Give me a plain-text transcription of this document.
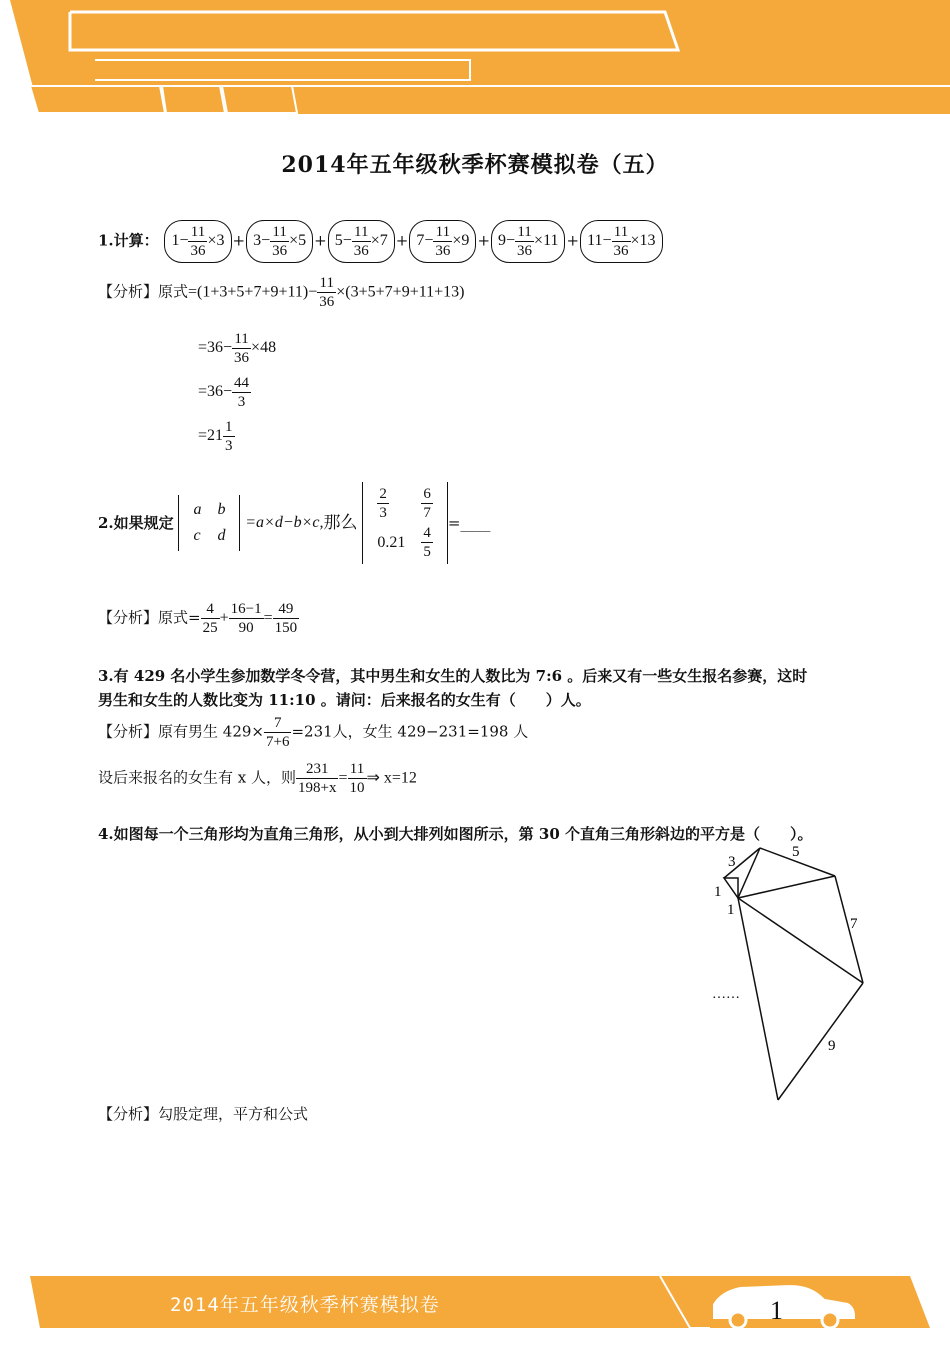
2014年五年级秋季杯赛模拟卷（五）
1.计算： $1- \frac{11}{36} \times 3 + 3- \frac{11}{36} \times 5 + 5- \frac{11}{36} \times 7 + 7- \frac{11}{36} \times 9 + 9- \frac{11}{36} \times 11 + 11- \frac{11}{36} \times 13$
【分析】原式$=(1+3+5+7+9+11)- \frac{11}{36} \times(3+5+7+9+11+13)$
$=36- \frac{11}{36} \times 48$
$=36- \frac{44}{3}$
$=21 \frac{1}{3}$
2.如果规定
a	b
c	d
=a×d−b×c,那么
$\frac{2}{3}$	$\frac{6}{7}$

0.21	$\frac{4}{5}$
=____
【分析】原式= $\frac{4}{25} + \frac{16-1}{90} = \frac{49}{150}$
3.有 429 名小学生参加数学冬令营，其中男生和女生的人数比为 7:6 。后来又有一些女生报名参赛，这时
男生和女生的人数比变为 11:10 。请问：后来报名的女生有（　　）人。
【分析】原有男生 $429\times \frac{7}{7+6} =231$人，女生 429−231=198 人
设后来报名的女生有 x 人，则 $\frac{231}{198+x} = \frac{11}{10}$ ⇒ x=12
4.如图每一个三角形均为直角三角形，从小到大排列如图所示，第 30 个直角三角形斜边的平方是（　　）。
3
5
1
1
7
9
……
【分析】勾股定理，平方和公式
2014年五年级秋季杯赛模拟卷	1
